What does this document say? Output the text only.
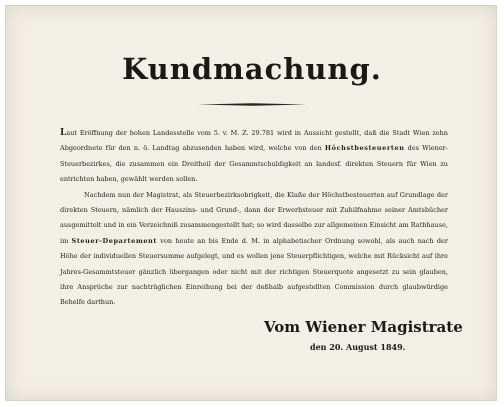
Kundmachung.

Laut Eröffnung der hohen Landesstelle vom 5. v. M. Z. 29.781 wird in Aussicht gestellt, daß die Stadt Wien zehn Abgeordnete für den n. ö. Landtag abzusenden haben wird, welche von den Höchstbesteuerten des Wiener-Steuerbezirkes, die zusammen ein Dreitheil der Gesammtschuldigkeit an landesf. direkten Steuern für Wien zu entrichten haben, gewählt werden sollen.

Nachdem nun der Magistrat, als Steuerbezirksobrigkeit, die Klaße der Höchstbesteuerten auf Grundlage der direkten Steuern, nämlich der Hauszins- und Grund-, dann der Erwerbsteuer mit Zuhilfnahme seiner Amtsbücher ausgemittelt und in ein Verzeichniß zusammengestellt hat; so wird dasselbe zur allgemeinen Einsicht am Rathhause, im Steuer-Departement von heute an bis Ende d. M. in alphabetischer Ordnung sowohl, als auch nach der Höhe der individuellen Steuersumme aufgelegt, und es wollen jene Steuerpflichtigen, welche mit Rücksicht auf ihre Jahres-Gesammtsteuer gänzlich übergangen oder nicht mit der richtigen Steuerquote angesetzt zu sein glauben, ihre Ansprüche zur nachträglichen Einreihung bei der deßhalb aufgestellten Commission durch glaubwürdige Behelfe darthun.

Vom Wiener Magistrate
den 20. August 1849.
